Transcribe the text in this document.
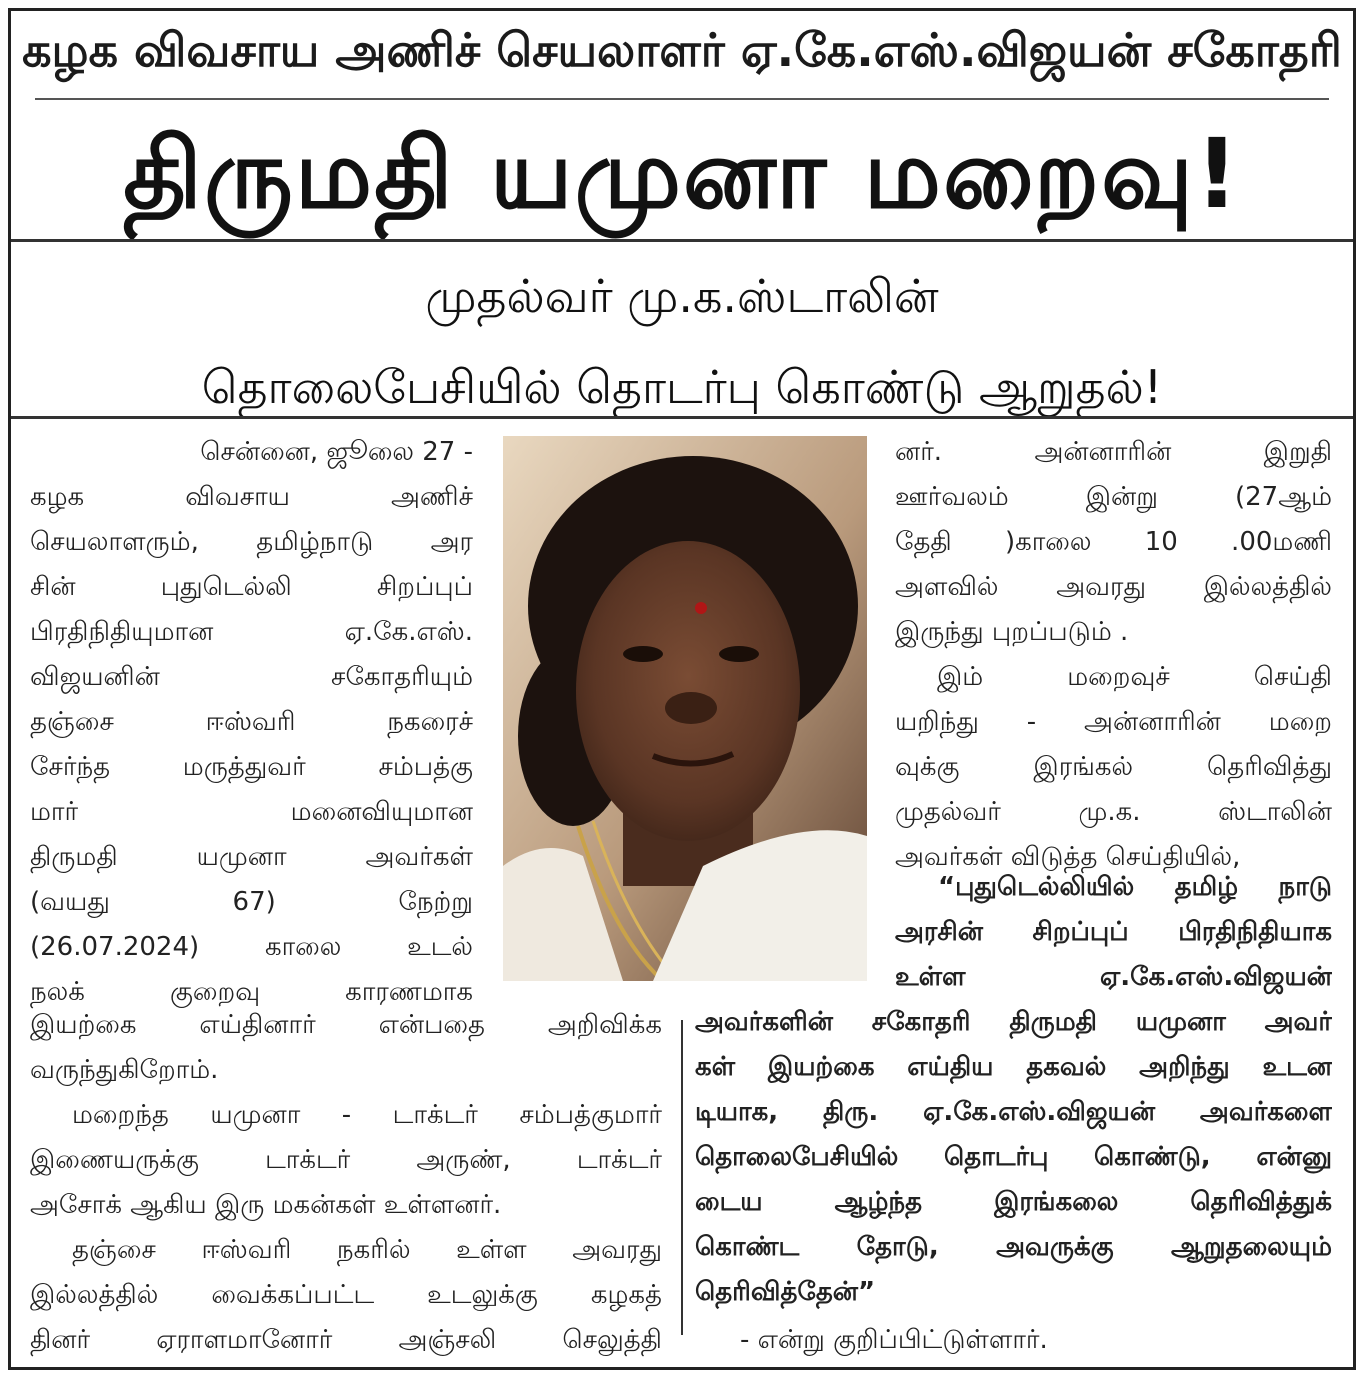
கழக விவசாய அணிச் செயலாளர் ஏ.கே.எஸ்.விஜயன் சகோதரி
திருமதி யமுனா மறைவு!
முதல்வர் மு.க.ஸ்டாலின்
தொலைபேசியில் தொடர்பு கொண்டு ஆறுதல்!
சென்னை, ஜூலை 27 -
கழக விவசாய அணிச்
செயலாளரும், தமிழ்நாடு அர
சின் புதுடெல்லி சிறப்புப்
பிரதிநிதியுமான ஏ.கே.எஸ்.
விஜயனின் சகோதரியும்
தஞ்சை ஈஸ்வரி நகரைச்
சேர்ந்த மருத்துவர் சம்பத்கு
மார் மனைவியுமான
திருமதி யமுனா அவர்கள்
(வயது 67) நேற்று
(26.07.2024) காலை உடல்
நலக் குறைவு காரணமாக
னர். அன்னாரின் இறுதி
ஊர்வலம் இன்று (27ஆம்
தேதி )காலை 10 .00மணி
அளவில் அவரது இல்லத்தில்
இருந்து புறப்படும் .
இம் மறைவுச் செய்தி
யறிந்து - அன்னாரின் மறை
வுக்கு இரங்கல் தெரிவித்து
முதல்வர் மு.க. ஸ்டாலின்
அவர்கள் விடுத்த செய்தியில்,
“புதுடெல்லியில் தமிழ் நாடு
அரசின் சிறப்புப் பிரதிநிதியாக
உள்ள ஏ.கே.எஸ்.விஜயன்
அவர்களின் சகோதரி திருமதி யமுனா அவர்
கள் இயற்கை எய்திய தகவல் அறிந்து உடன
டியாக, திரு. ஏ.கே.எஸ்.விஜயன் அவர்களை
தொலைபேசியில் தொடர்பு கொண்டு, என்னு
டைய ஆழ்ந்த இரங்கலை தெரிவித்துக்
கொண்ட தோடு, அவருக்கு ஆறுதலையும்
தெரிவித்தேன்”
இயற்கை எய்தினார் என்பதை அறிவிக்க
வருந்துகிறோம்.
மறைந்த யமுனா - டாக்டர் சம்பத்குமார்
இணையருக்கு டாக்டர் அருண், டாக்டர்
அசோக் ஆகிய இரு மகன்கள் உள்ளனர்.
தஞ்சை ஈஸ்வரி நகரில் உள்ள அவரது
இல்லத்தில் வைக்கப்பட்ட உடலுக்கு கழகத்
தினர் ஏராளமானோர் அஞ்சலி செலுத்தி	- என்று குறிப்பிட்டுள்ளார்.
